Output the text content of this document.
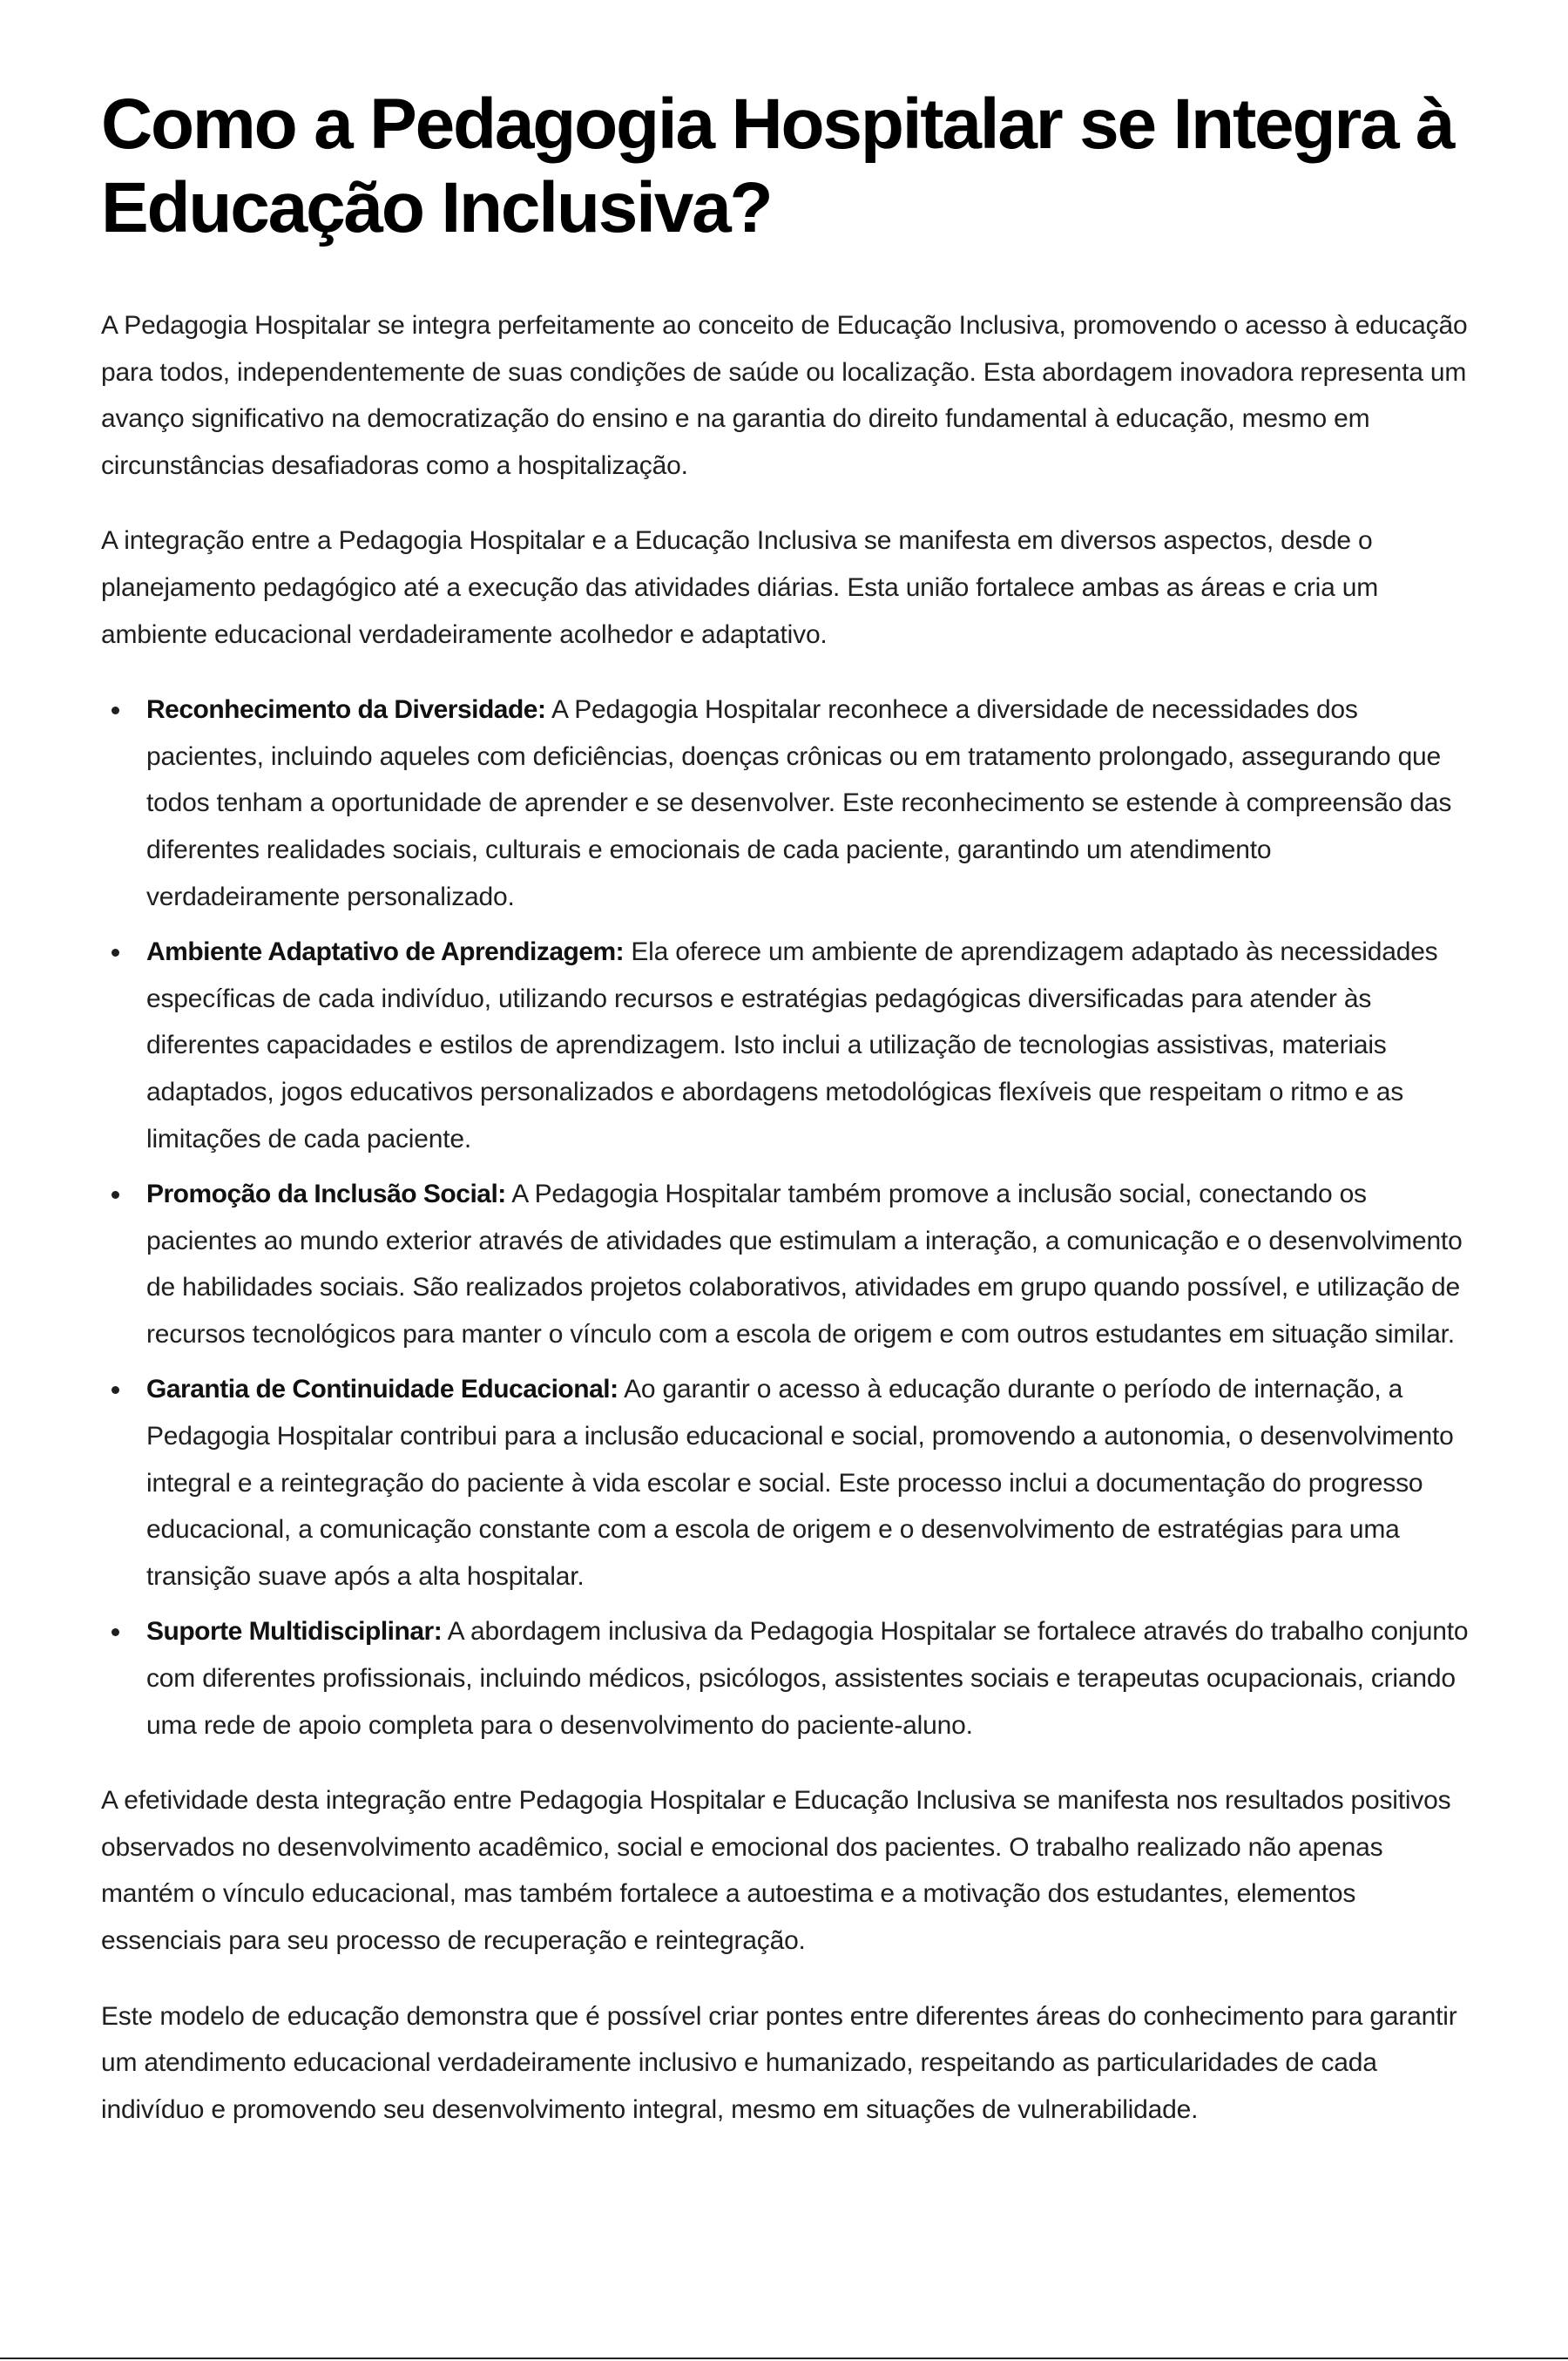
Como a Pedagogia Hospitalar se Integra à Educação Inclusiva?

A Pedagogia Hospitalar se integra perfeitamente ao conceito de Educação Inclusiva, promovendo o acesso à educação para todos, independentemente de suas condições de saúde ou localização. Esta abordagem inovadora representa um avanço significativo na democratização do ensino e na garantia do direito fundamental à educação, mesmo em circunstâncias desafiadoras como a hospitalização.

A integração entre a Pedagogia Hospitalar e a Educação Inclusiva se manifesta em diversos aspectos, desde o planejamento pedagógico até a execução das atividades diárias. Esta união fortalece ambas as áreas e cria um ambiente educacional verdadeiramente acolhedor e adaptativo.

Reconhecimento da Diversidade: A Pedagogia Hospitalar reconhece a diversidade de necessidades dos pacientes, incluindo aqueles com deficiências, doenças crônicas ou em tratamento prolongado, assegurando que todos tenham a oportunidade de aprender e se desenvolver. Este reconhecimento se estende à compreensão das diferentes realidades sociais, culturais e emocionais de cada paciente, garantindo um atendimento verdadeiramente personalizado.
Ambiente Adaptativo de Aprendizagem: Ela oferece um ambiente de aprendizagem adaptado às necessidades específicas de cada indivíduo, utilizando recursos e estratégias pedagógicas diversificadas para atender às diferentes capacidades e estilos de aprendizagem. Isto inclui a utilização de tecnologias assistivas, materiais adaptados, jogos educativos personalizados e abordagens metodológicas flexíveis que respeitam o ritmo e as limitações de cada paciente.
Promoção da Inclusão Social: A Pedagogia Hospitalar também promove a inclusão social, conectando os pacientes ao mundo exterior através de atividades que estimulam a interação, a comunicação e o desenvolvimento de habilidades sociais. São realizados projetos colaborativos, atividades em grupo quando possível, e utilização de recursos tecnológicos para manter o vínculo com a escola de origem e com outros estudantes em situação similar.
Garantia de Continuidade Educacional: Ao garantir o acesso à educação durante o período de internação, a Pedagogia Hospitalar contribui para a inclusão educacional e social, promovendo a autonomia, o desenvolvimento integral e a reintegração do paciente à vida escolar e social. Este processo inclui a documentação do progresso educacional, a comunicação constante com a escola de origem e o desenvolvimento de estratégias para uma transição suave após a alta hospitalar.
Suporte Multidisciplinar: A abordagem inclusiva da Pedagogia Hospitalar se fortalece através do trabalho conjunto com diferentes profissionais, incluindo médicos, psicólogos, assistentes sociais e terapeutas ocupacionais, criando uma rede de apoio completa para o desenvolvimento do paciente-aluno.

A efetividade desta integração entre Pedagogia Hospitalar e Educação Inclusiva se manifesta nos resultados positivos observados no desenvolvimento acadêmico, social e emocional dos pacientes. O trabalho realizado não apenas mantém o vínculo educacional, mas também fortalece a autoestima e a motivação dos estudantes, elementos essenciais para seu processo de recuperação e reintegração.

Este modelo de educação demonstra que é possível criar pontes entre diferentes áreas do conhecimento para garantir um atendimento educacional verdadeiramente inclusivo e humanizado, respeitando as particularidades de cada indivíduo e promovendo seu desenvolvimento integral, mesmo em situações de vulnerabilidade.
